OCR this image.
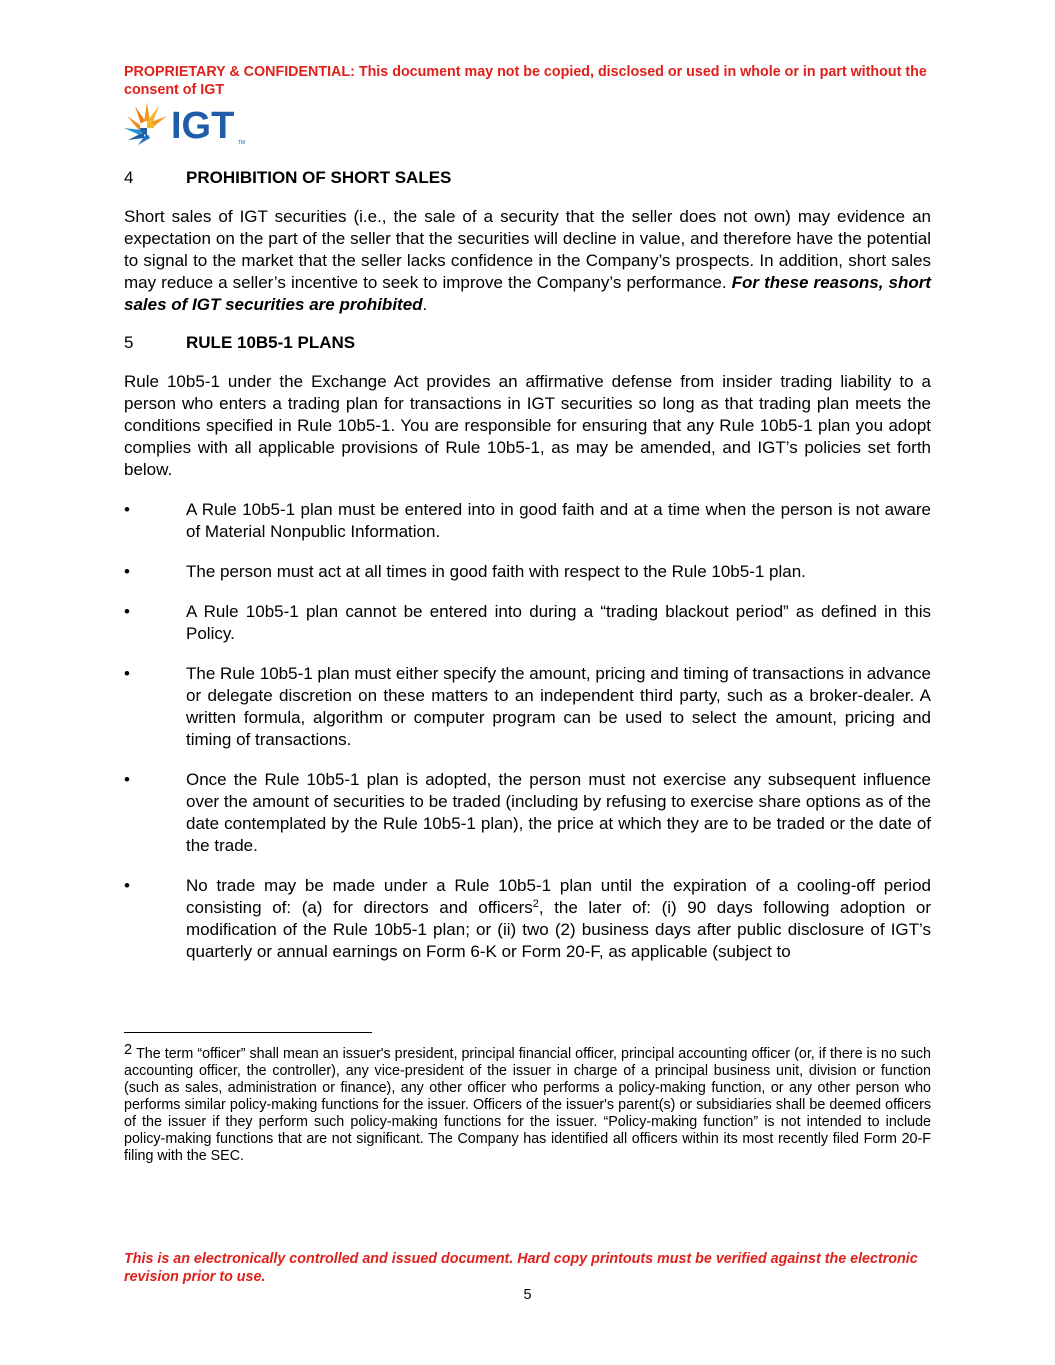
PROPRIETARY & CONFIDENTIAL: This document may not be copied, disclosed or used in whole or in part without the consent of IGT
IGT TM
4	PROHIBITION OF SHORT SALES
Short sales of IGT securities (i.e., the sale of a security that the seller does not own) may evidence an expectation on the part of the seller that the securities will decline in value, and therefore have the potential to signal to the market that the seller lacks confidence in the Company’s prospects. In addition, short sales may reduce a seller’s incentive to seek to improve the Company’s performance. For these reasons, short sales of IGT securities are prohibited.
5	RULE 10B5-1 PLANS
Rule 10b5-1 under the Exchange Act provides an affirmative defense from insider trading liability to a person who enters a trading plan for transactions in IGT securities so long as that trading plan meets the conditions specified in Rule 10b5-1. You are responsible for ensuring that any Rule 10b5-1 plan you adopt complies with all applicable provisions of Rule 10b5-1, as may be amended, and IGT’s policies set forth below.
•	A Rule 10b5-1 plan must be entered into in good faith and at a time when the person is not aware of Material Nonpublic Information.
•	The person must act at all times in good faith with respect to the Rule 10b5-1 plan.
•	A Rule 10b5-1 plan cannot be entered into during a “trading blackout period” as defined in this Policy.
•	The Rule 10b5-1 plan must either specify the amount, pricing and timing of transactions in advance or delegate discretion on these matters to an independent third party, such as a broker-dealer. A written formula, algorithm or computer program can be used to select the amount, pricing and timing of transactions.
•	Once the Rule 10b5-1 plan is adopted, the person must not exercise any subsequent influence over the amount of securities to be traded (including by refusing to exercise share options as of the date contemplated by the Rule 10b5-1 plan), the price at which they are to be traded or the date of the trade.
•	No trade may be made under a Rule 10b5-1 plan until the expiration of a cooling-off period consisting of: (a) for directors and officers$^2$, the later of: (i) 90 days following adoption or modification of the Rule 10b5-1 plan; or (ii) two (2) business days after public disclosure of IGT’s quarterly or annual earnings on Form 6-K or Form 20-F, as applicable (subject to
2 The term “officer” shall mean an issuer's president, principal financial officer, principal accounting officer (or, if there is no such accounting officer, the controller), any vice-president of the issuer in charge of a principal business unit, division or function (such as sales, administration or finance), any other officer who performs a policy-making function, or any other person who performs similar policy-making functions for the issuer. Officers of the issuer's parent(s) or subsidiaries shall be deemed officers of the issuer if they perform such policy-making functions for the issuer. “Policy-making function” is not intended to include policy-making functions that are not significant. The Company has identified all officers within its most recently filed Form 20-F filing with the SEC.
This is an electronically controlled and issued document. Hard copy printouts must be verified against the electronic revision prior to use.
5
